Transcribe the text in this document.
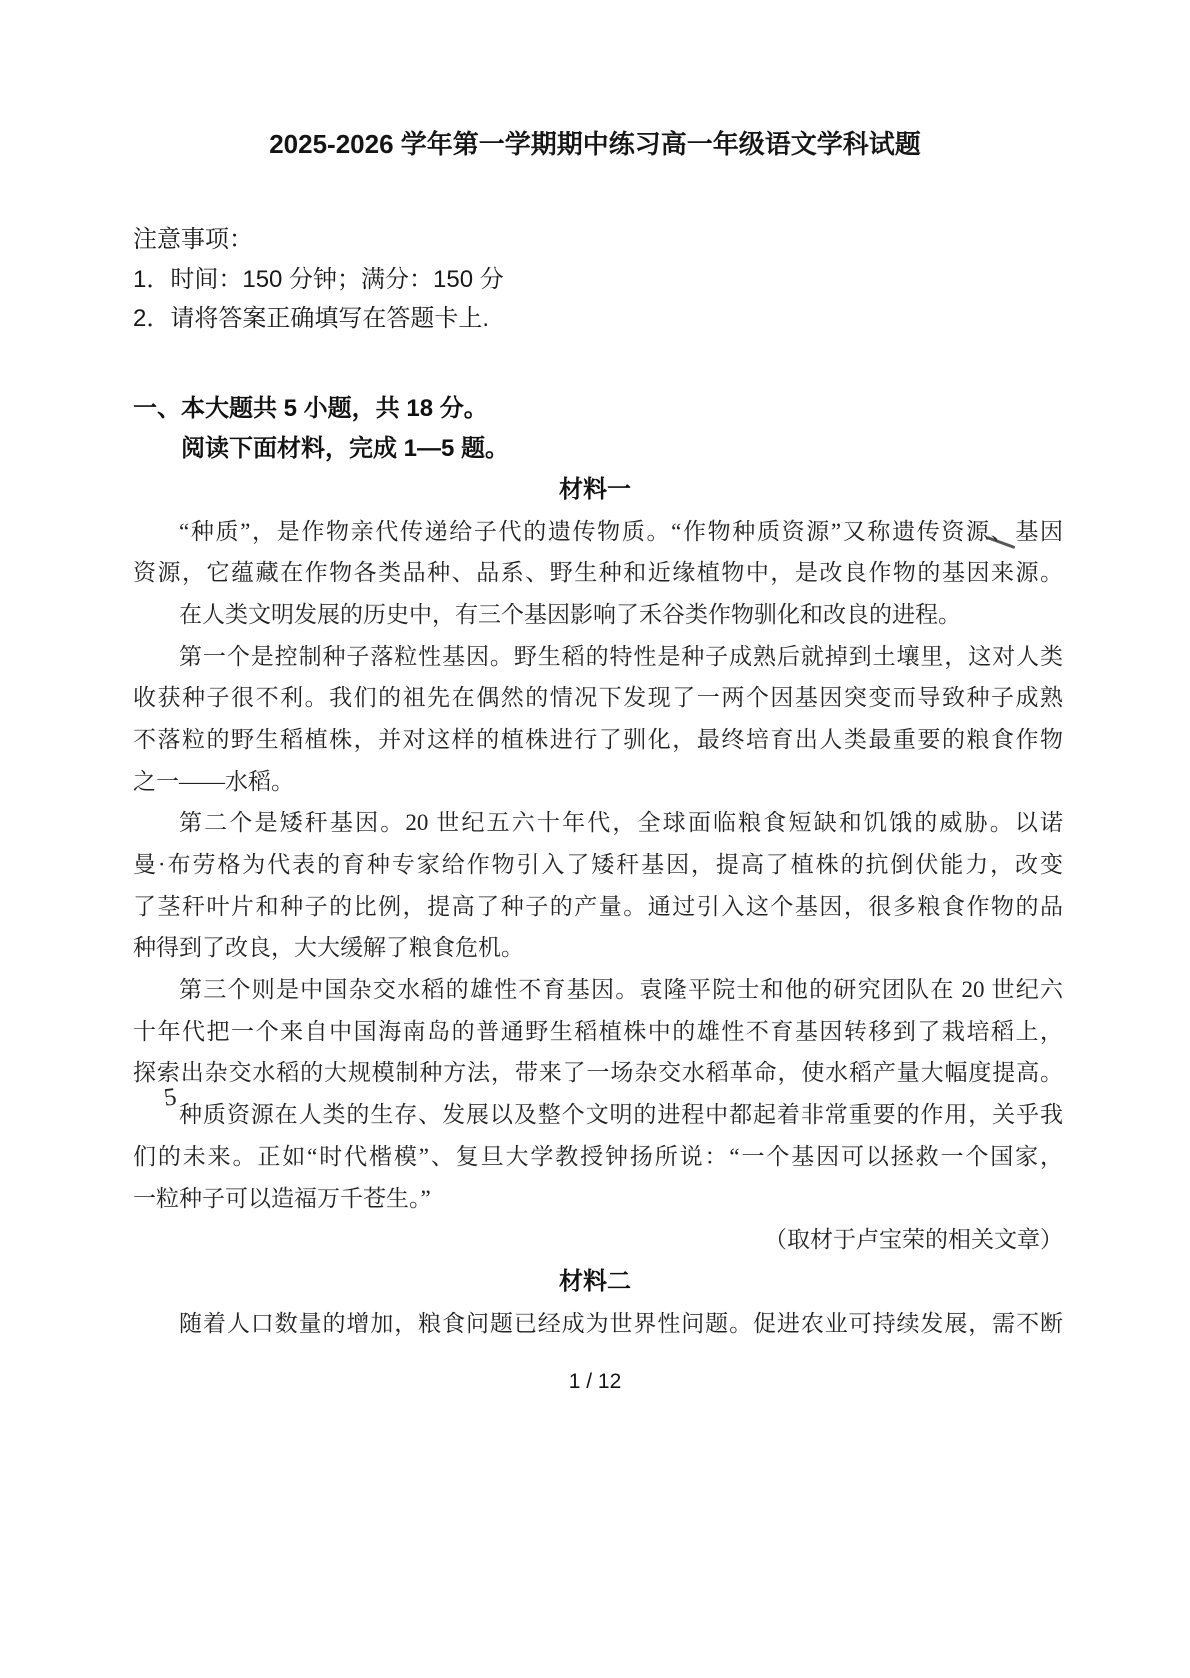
2025-2026 学年第一学期期中练习高一年级语文学科试题
注意事项：
1．时间：150 分钟；满分：150 分
2．请将答案正确填写在答题卡上.
一、本大题共 5 小题，共 18 分。
阅读下面材料，完成 1—5 题。
材料一
“种质”，是作物亲代传递给子代的遗传物质。“作物种质资源”又称遗传资源、基因
资源，它蕴藏在作物各类品种、品系、野生种和近缘植物中，是改良作物的基因来源。
在人类文明发展的历史中，有三个基因影响了禾谷类作物驯化和改良的进程。
第一个是控制种子落粒性基因。野生稻的特性是种子成熟后就掉到土壤里，这对人类
收获种子很不利。我们的祖先在偶然的情况下发现了一两个因基因突变而导致种子成熟
不落粒的野生稻植株，并对这样的植株进行了驯化，最终培育出人类最重要的粮食作物
之一——水稻。
第二个是矮秆基因。20 世纪五六十年代，全球面临粮食短缺和饥饿的威胁。以诺
曼·布劳格为代表的育种专家给作物引入了矮秆基因，提高了植株的抗倒伏能力，改变
了茎秆叶片和种子的比例，提高了种子的产量。通过引入这个基因，很多粮食作物的品
种得到了改良，大大缓解了粮食危机。
第三个则是中国杂交水稻的雄性不育基因。袁隆平院士和他的研究团队在 20 世纪六
十年代把一个来自中国海南岛的普通野生稻植株中的雄性不育基因转移到了栽培稻上，
探索出杂交水稻的大规模制种方法，带来了一场杂交水稻革命，使水稻产量大幅度提高。
种质资源在人类的生存、发展以及整个文明的进程中都起着非常重要的作用，关乎我
们的未来。正如“时代楷模”、复旦大学教授钟扬所说：“一个基因可以拯救一个国家，
一粒种子可以造福万千苍生。”
（取材于卢宝荣的相关文章）
材料二
随着人口数量的增加，粮食问题已经成为世界性问题。促进农业可持续发展，需不断
1 / 12
5
